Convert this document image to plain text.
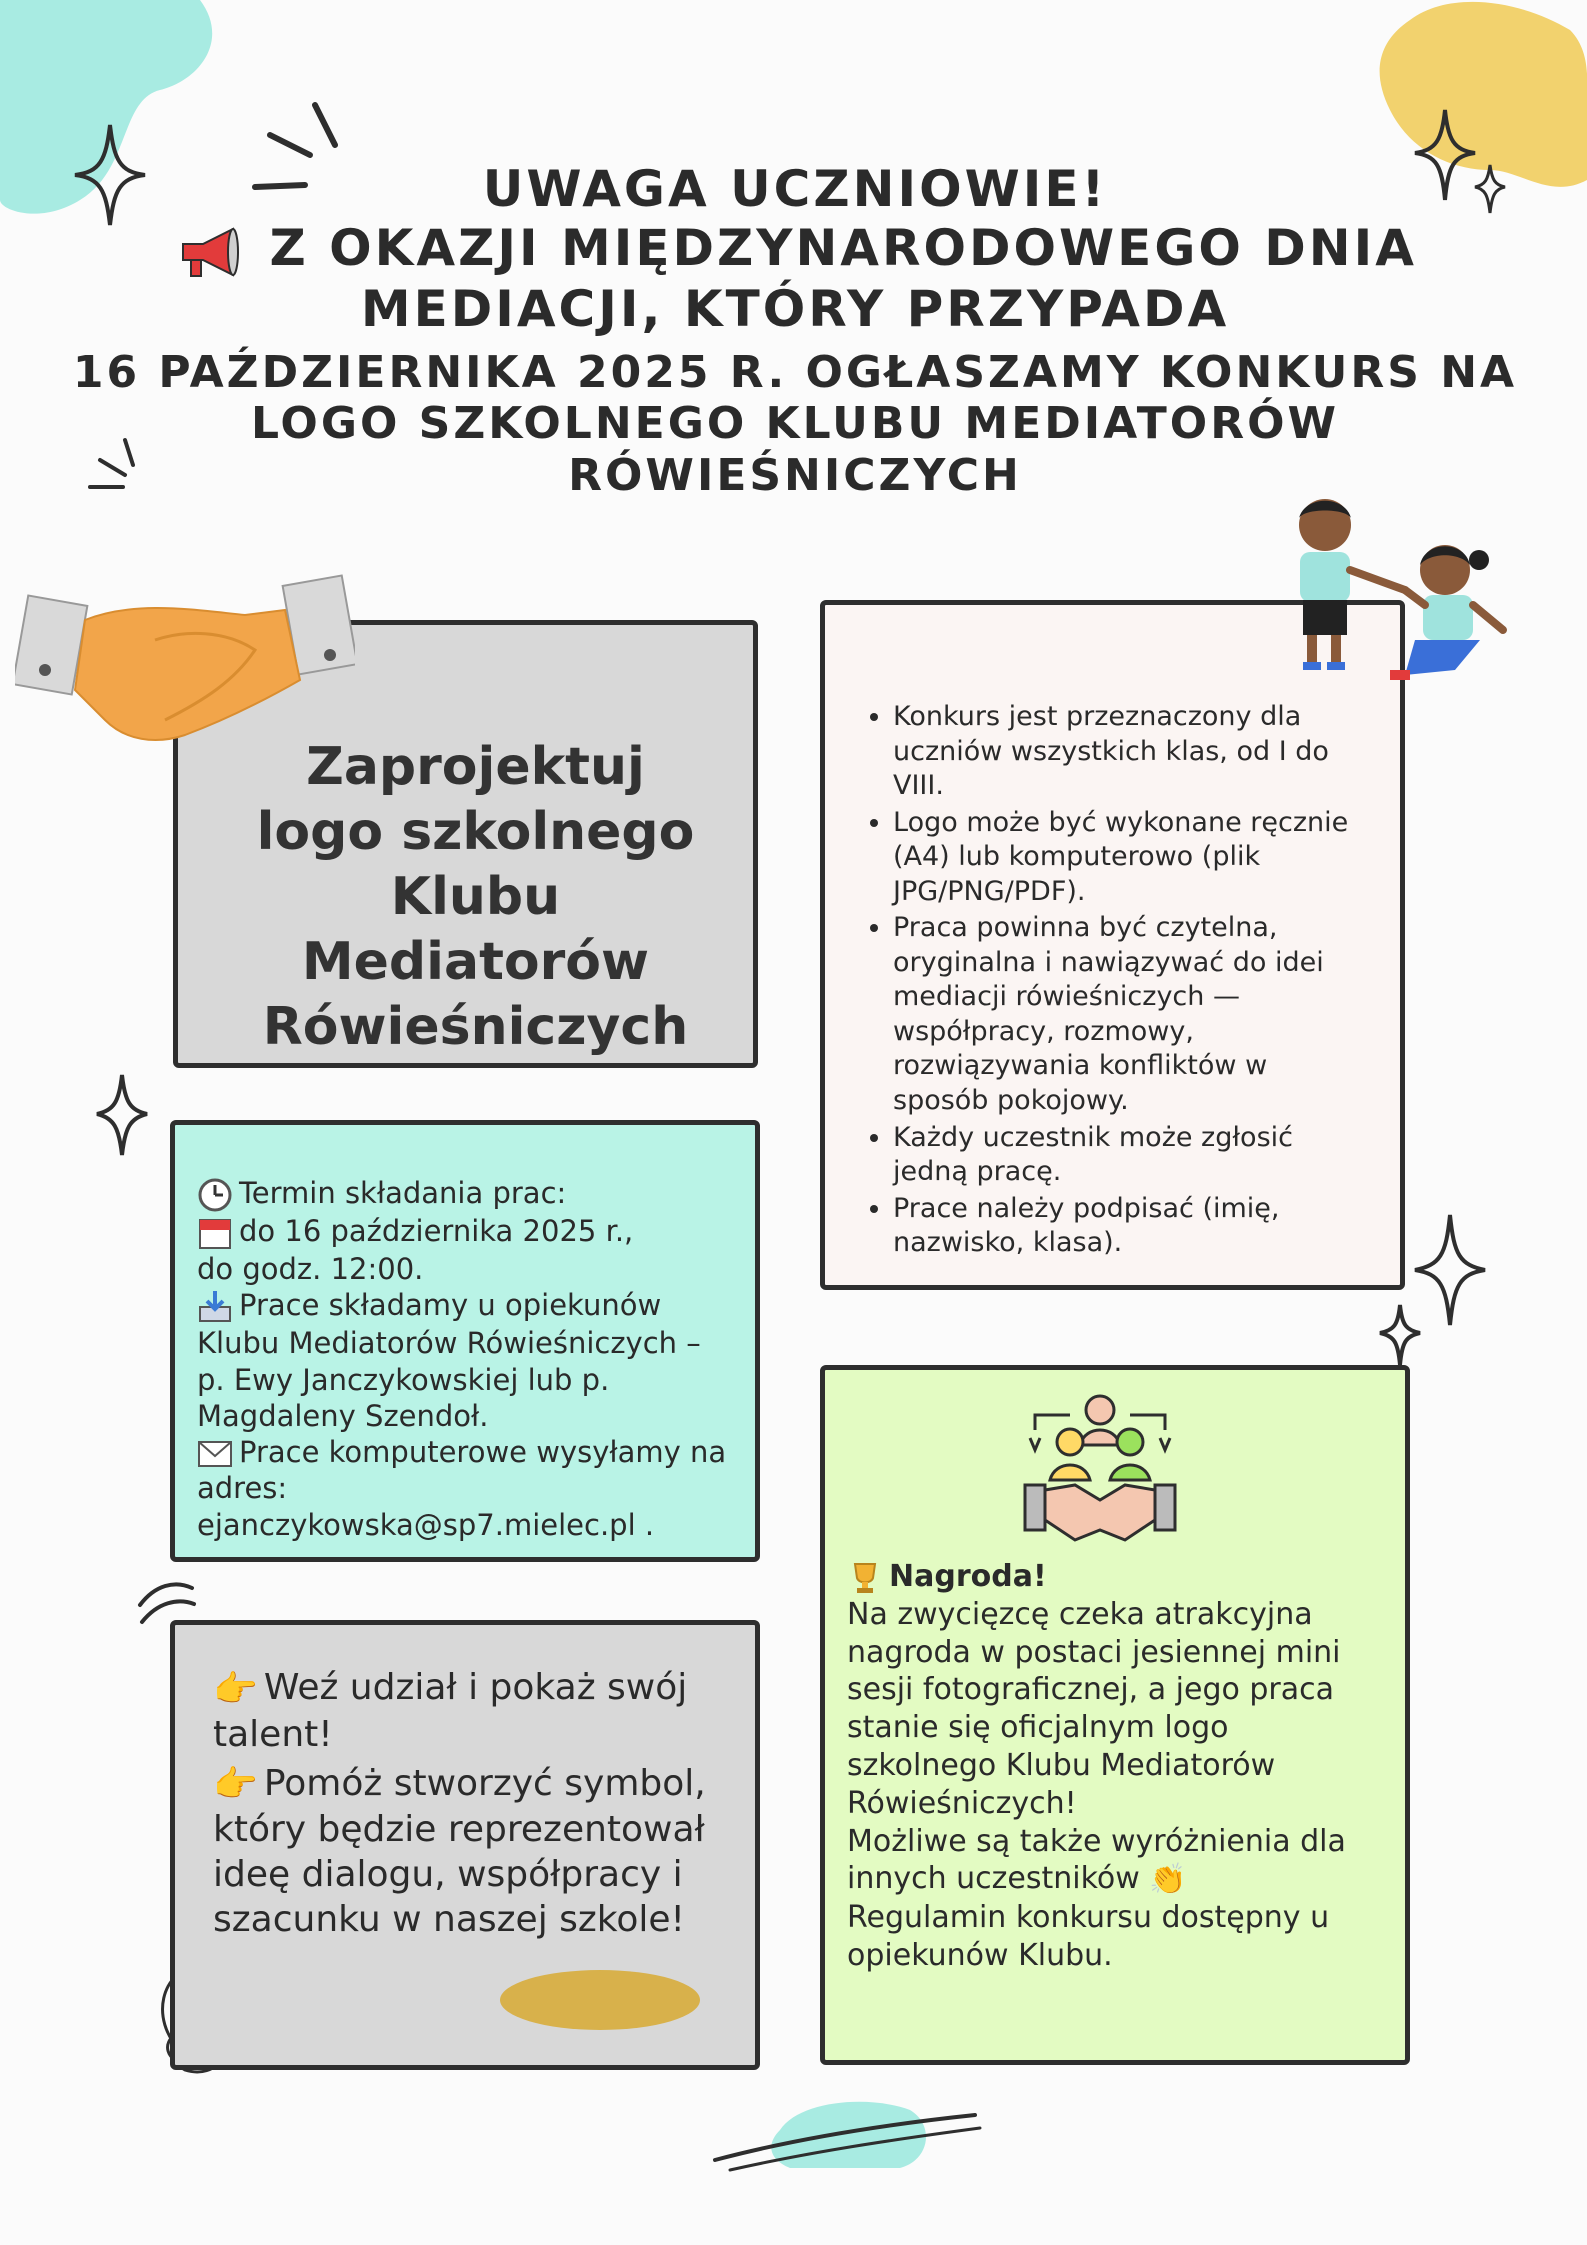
UWAGA UCZNIOWIE!
Z OKAZJI MIĘDZYNARODOWEGO DNIA
MEDIACJI, KTÓRY PRZYPADA
16 PAŹDZIERNIKA 2025 R. OGŁASZAMY KONKURS NA
LOGO SZKOLNEGO KLUBU MEDIATORÓW RÓWIEŚNICZYCH
Zaprojektuj logo szkolnego Klubu Mediatorów Rówieśniczych
• Konkurs jest przeznaczony dla uczniów wszystkich klas, od I do VIII.
• Logo może być wykonane ręcznie (A4) lub komputerowo (plik JPG/PNG/PDF).
• Praca powinna być czytelna, oryginalna i nawiązywać do idei mediacji rówieśniczych — współpracy, rozmowy, rozwiązywania konfliktów w sposób pokojowy.
• Każdy uczestnik może zgłosić jedną pracę.
• Prace należy podpisać (imię, nazwisko, klasa).

Termin składania prac:

do 16 października 2025 r.,

do godz. 12:00.

Prace składamy u opiekunów Klubu Mediatorów Rówieśniczych – p. Ewy Janczykowskiej lub p. Magdaleny Szendoł.

Prace komputerowe wysyłamy na adres:

ejanczykowska@sp7.mielec.pl .

👉 Weź udział i pokaż swój talent!

👉 Pomóż stworzyć symbol, który będzie reprezentował ideę dialogu, współpracy i szacunku w naszej szkole!

Nagroda!

Na zwycięzcę czeka atrakcyjna nagroda w postaci jesiennej mini sesji fotograficznej, a jego praca stanie się oficjalnym logo szkolnego Klubu Mediatorów Rówieśniczych!

Możliwe są także wyróżnienia dla innych uczestników 👏

Regulamin konkursu dostępny u opiekunów Klubu.
